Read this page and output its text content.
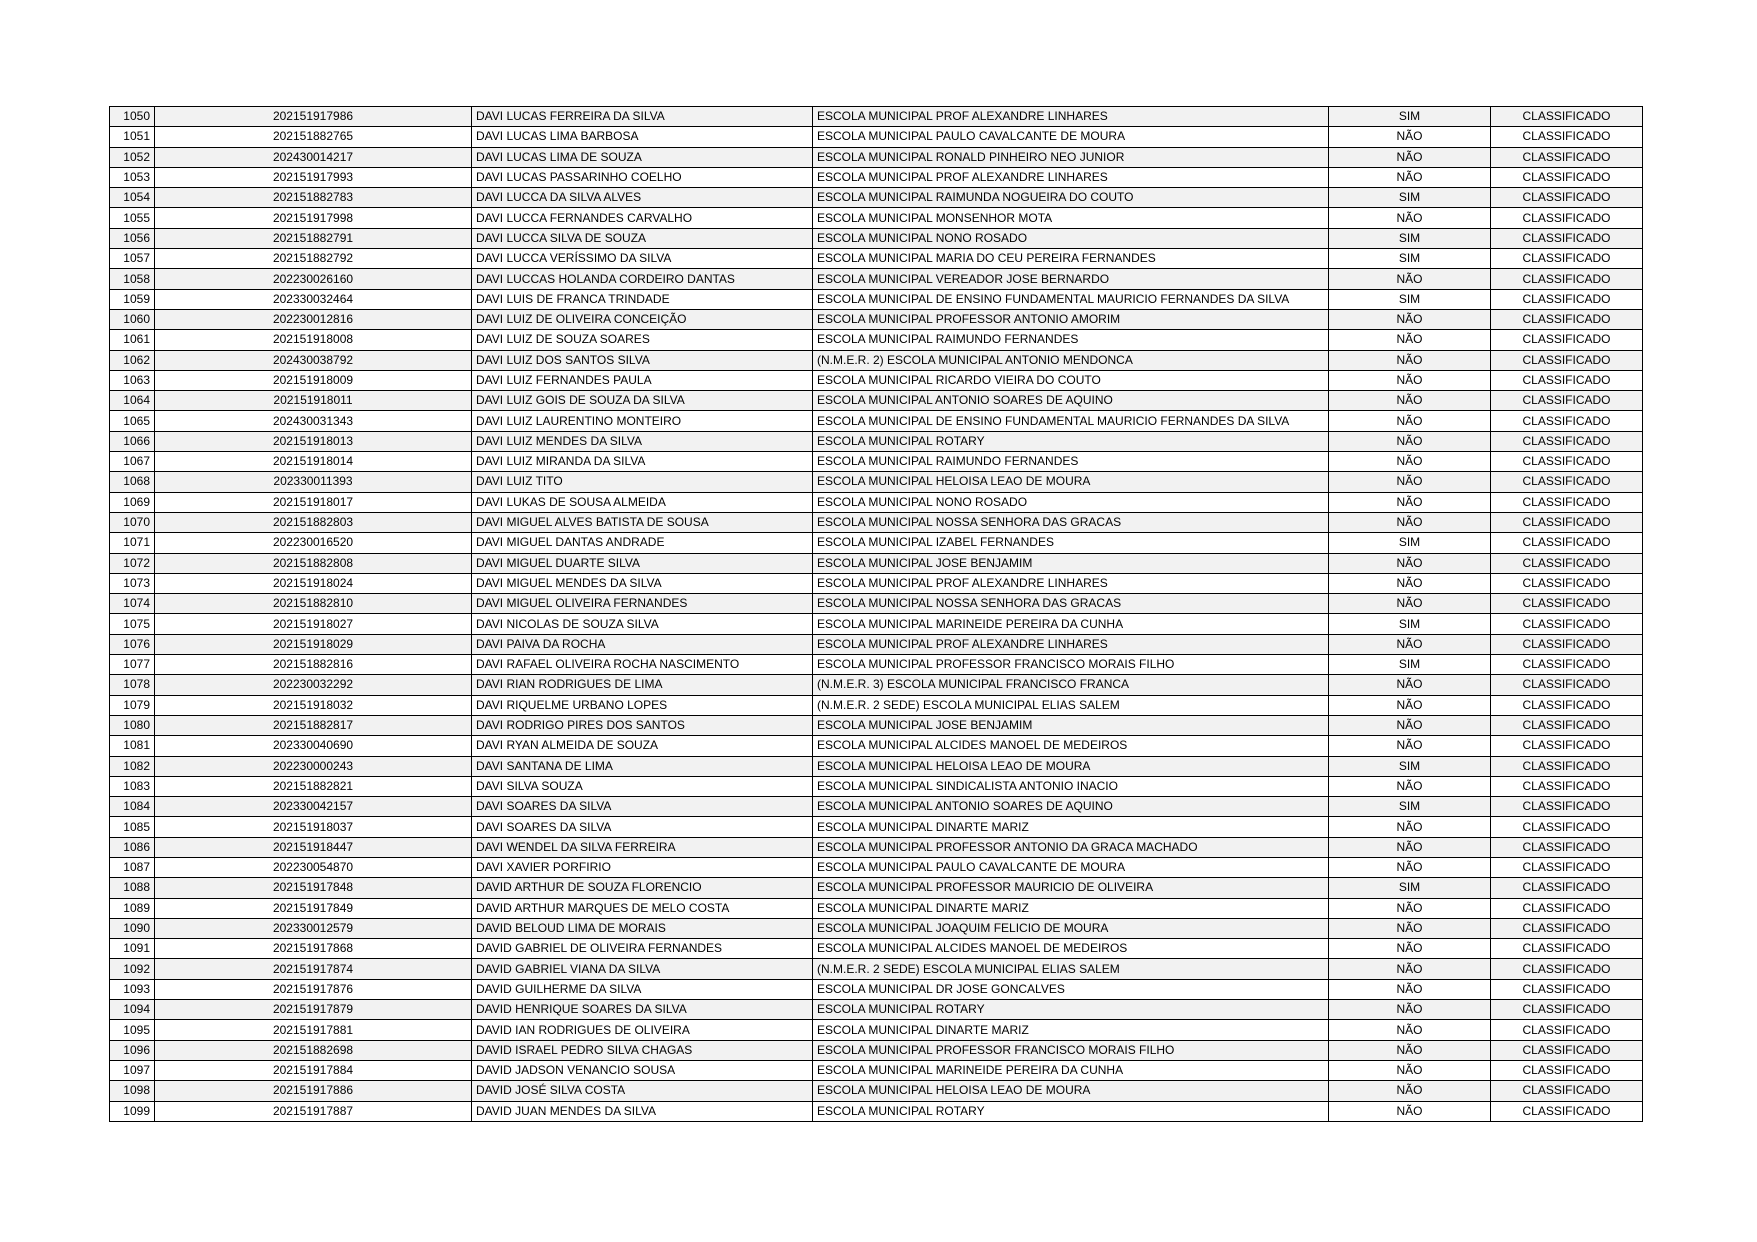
1050	202151917986	DAVI LUCAS FERREIRA DA SILVA	ESCOLA MUNICIPAL PROF ALEXANDRE LINHARES	SIM	CLASSIFICADO
1051	202151882765	DAVI LUCAS LIMA BARBOSA	ESCOLA MUNICIPAL PAULO CAVALCANTE DE MOURA	NÃO	CLASSIFICADO
1052	202430014217	DAVI LUCAS LIMA DE SOUZA	ESCOLA MUNICIPAL RONALD PINHEIRO NEO JUNIOR	NÃO	CLASSIFICADO
1053	202151917993	DAVI LUCAS PASSARINHO COELHO	ESCOLA MUNICIPAL PROF ALEXANDRE LINHARES	NÃO	CLASSIFICADO
1054	202151882783	DAVI LUCCA DA SILVA ALVES	ESCOLA MUNICIPAL RAIMUNDA NOGUEIRA DO COUTO	SIM	CLASSIFICADO
1055	202151917998	DAVI LUCCA FERNANDES CARVALHO	ESCOLA MUNICIPAL MONSENHOR MOTA	NÃO	CLASSIFICADO
1056	202151882791	DAVI LUCCA SILVA DE SOUZA	ESCOLA MUNICIPAL NONO ROSADO	SIM	CLASSIFICADO
1057	202151882792	DAVI LUCCA VERÍSSIMO DA SILVA	ESCOLA MUNICIPAL MARIA DO CEU PEREIRA FERNANDES	SIM	CLASSIFICADO
1058	202230026160	DAVI LUCCAS HOLANDA CORDEIRO DANTAS	ESCOLA MUNICIPAL VEREADOR JOSE BERNARDO	NÃO	CLASSIFICADO
1059	202330032464	DAVI LUIS DE FRANCA TRINDADE	ESCOLA MUNICIPAL DE ENSINO FUNDAMENTAL MAURICIO FERNANDES DA SILVA	SIM	CLASSIFICADO
1060	202230012816	DAVI LUIZ DE OLIVEIRA CONCEIÇÃO	ESCOLA MUNICIPAL PROFESSOR ANTONIO AMORIM	NÃO	CLASSIFICADO
1061	202151918008	DAVI LUIZ DE SOUZA SOARES	ESCOLA MUNICIPAL RAIMUNDO FERNANDES	NÃO	CLASSIFICADO
1062	202430038792	DAVI LUIZ DOS SANTOS SILVA	(N.M.E.R. 2) ESCOLA MUNICIPAL ANTONIO MENDONCA	NÃO	CLASSIFICADO
1063	202151918009	DAVI LUIZ FERNANDES PAULA	ESCOLA MUNICIPAL RICARDO VIEIRA DO COUTO	NÃO	CLASSIFICADO
1064	202151918011	DAVI LUIZ GOIS DE SOUZA DA SILVA	ESCOLA MUNICIPAL ANTONIO SOARES DE AQUINO	NÃO	CLASSIFICADO
1065	202430031343	DAVI LUIZ LAURENTINO MONTEIRO	ESCOLA MUNICIPAL DE ENSINO FUNDAMENTAL MAURICIO FERNANDES DA SILVA	NÃO	CLASSIFICADO
1066	202151918013	DAVI LUIZ MENDES DA SILVA	ESCOLA MUNICIPAL ROTARY	NÃO	CLASSIFICADO
1067	202151918014	DAVI LUIZ MIRANDA DA SILVA	ESCOLA MUNICIPAL RAIMUNDO FERNANDES	NÃO	CLASSIFICADO
1068	202330011393	DAVI LUIZ TITO	ESCOLA MUNICIPAL HELOISA LEAO DE MOURA	NÃO	CLASSIFICADO
1069	202151918017	DAVI LUKAS DE SOUSA ALMEIDA	ESCOLA MUNICIPAL NONO ROSADO	NÃO	CLASSIFICADO
1070	202151882803	DAVI MIGUEL ALVES BATISTA DE SOUSA	ESCOLA MUNICIPAL NOSSA SENHORA DAS GRACAS	NÃO	CLASSIFICADO
1071	202230016520	DAVI MIGUEL DANTAS ANDRADE	ESCOLA MUNICIPAL IZABEL FERNANDES	SIM	CLASSIFICADO
1072	202151882808	DAVI MIGUEL DUARTE SILVA	ESCOLA MUNICIPAL JOSE BENJAMIM	NÃO	CLASSIFICADO
1073	202151918024	DAVI MIGUEL MENDES DA SILVA	ESCOLA MUNICIPAL PROF ALEXANDRE LINHARES	NÃO	CLASSIFICADO
1074	202151882810	DAVI MIGUEL OLIVEIRA FERNANDES	ESCOLA MUNICIPAL NOSSA SENHORA DAS GRACAS	NÃO	CLASSIFICADO
1075	202151918027	DAVI NICOLAS DE SOUZA SILVA	ESCOLA MUNICIPAL MARINEIDE PEREIRA DA CUNHA	SIM	CLASSIFICADO
1076	202151918029	DAVI PAIVA DA ROCHA	ESCOLA MUNICIPAL PROF ALEXANDRE LINHARES	NÃO	CLASSIFICADO
1077	202151882816	DAVI RAFAEL OLIVEIRA ROCHA NASCIMENTO	ESCOLA MUNICIPAL PROFESSOR FRANCISCO MORAIS FILHO	SIM	CLASSIFICADO
1078	202230032292	DAVI RIAN RODRIGUES DE LIMA	(N.M.E.R. 3) ESCOLA MUNICIPAL FRANCISCO FRANCA	NÃO	CLASSIFICADO
1079	202151918032	DAVI RIQUELME URBANO LOPES	(N.M.E.R. 2 SEDE) ESCOLA MUNICIPAL ELIAS SALEM	NÃO	CLASSIFICADO
1080	202151882817	DAVI RODRIGO PIRES DOS SANTOS	ESCOLA MUNICIPAL JOSE BENJAMIM	NÃO	CLASSIFICADO
1081	202330040690	DAVI RYAN ALMEIDA DE SOUZA	ESCOLA MUNICIPAL ALCIDES MANOEL DE MEDEIROS	NÃO	CLASSIFICADO
1082	202230000243	DAVI SANTANA DE LIMA	ESCOLA MUNICIPAL HELOISA LEAO DE MOURA	SIM	CLASSIFICADO
1083	202151882821	DAVI SILVA SOUZA	ESCOLA MUNICIPAL SINDICALISTA ANTONIO INACIO	NÃO	CLASSIFICADO
1084	202330042157	DAVI SOARES DA SILVA	ESCOLA MUNICIPAL ANTONIO SOARES DE AQUINO	SIM	CLASSIFICADO
1085	202151918037	DAVI SOARES DA SILVA	ESCOLA MUNICIPAL DINARTE MARIZ	NÃO	CLASSIFICADO
1086	202151918447	DAVI WENDEL DA SILVA FERREIRA	ESCOLA MUNICIPAL PROFESSOR ANTONIO DA GRACA MACHADO	NÃO	CLASSIFICADO
1087	202230054870	DAVI XAVIER PORFIRIO	ESCOLA MUNICIPAL PAULO CAVALCANTE DE MOURA	NÃO	CLASSIFICADO
1088	202151917848	DAVID ARTHUR DE SOUZA FLORENCIO	ESCOLA MUNICIPAL PROFESSOR MAURICIO DE OLIVEIRA	SIM	CLASSIFICADO
1089	202151917849	DAVID ARTHUR MARQUES DE MELO COSTA	ESCOLA MUNICIPAL DINARTE MARIZ	NÃO	CLASSIFICADO
1090	202330012579	DAVID BELOUD LIMA DE MORAIS	ESCOLA MUNICIPAL JOAQUIM FELICIO DE MOURA	NÃO	CLASSIFICADO
1091	202151917868	DAVID GABRIEL DE OLIVEIRA FERNANDES	ESCOLA MUNICIPAL ALCIDES MANOEL DE MEDEIROS	NÃO	CLASSIFICADO
1092	202151917874	DAVID GABRIEL VIANA DA SILVA	(N.M.E.R. 2 SEDE) ESCOLA MUNICIPAL ELIAS SALEM	NÃO	CLASSIFICADO
1093	202151917876	DAVID GUILHERME DA SILVA	ESCOLA MUNICIPAL DR JOSE GONCALVES	NÃO	CLASSIFICADO
1094	202151917879	DAVID HENRIQUE SOARES DA SILVA	ESCOLA MUNICIPAL ROTARY	NÃO	CLASSIFICADO
1095	202151917881	DAVID IAN RODRIGUES DE OLIVEIRA	ESCOLA MUNICIPAL DINARTE MARIZ	NÃO	CLASSIFICADO
1096	202151882698	DAVID ISRAEL PEDRO SILVA CHAGAS	ESCOLA MUNICIPAL PROFESSOR FRANCISCO MORAIS FILHO	NÃO	CLASSIFICADO
1097	202151917884	DAVID JADSON VENANCIO SOUSA	ESCOLA MUNICIPAL MARINEIDE PEREIRA DA CUNHA	NÃO	CLASSIFICADO
1098	202151917886	DAVID JOSÉ SILVA COSTA	ESCOLA MUNICIPAL HELOISA LEAO DE MOURA	NÃO	CLASSIFICADO
1099	202151917887	DAVID JUAN MENDES DA SILVA	ESCOLA MUNICIPAL ROTARY	NÃO	CLASSIFICADO
